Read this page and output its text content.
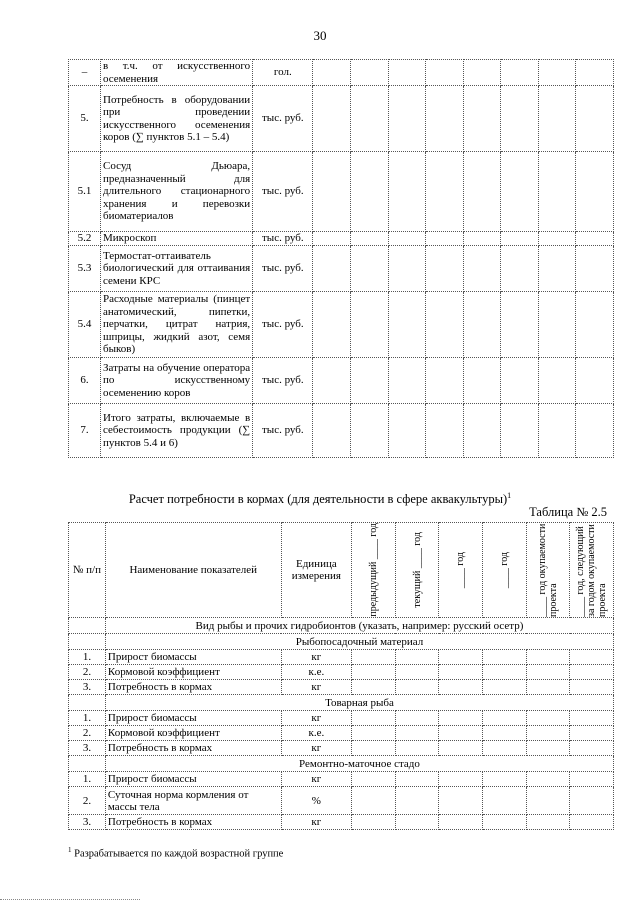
30
–	в т.ч. от искусственного осеменения	гол.								
5.	Потребность в оборудовании при проведении искусственного осеменения коров (∑ пунктов 5.1 – 5.4)	тыс. руб.								
5.1	Сосуд Дьюара, предназначенный для длительного стационарного хранения и перевозки биоматериалов	тыс. руб.								
5.2	Микроскоп	тыс. руб.								
5.3	Термостат-оттаиватель биологический для оттаивания семени КРС	тыс. руб.								
5.4	Расходные материалы (пинцет анатомический, пипетки, перчатки, цитрат натрия, шприцы, жидкий азот, семя быков)	тыс. руб.								
6.	Затраты на обучение оператора по искусственному осеменению коров	тыс. руб.								
7.	Итого затраты, включаемые в себестоимость продукции (∑ пунктов 5.4 и 6)	тыс. руб.								
Расчет потребности в кормах (для деятельности в сфере аквакультуры)$^1$
Таблица № 2.5
№ п/п	Наименование показателей	Единица измерения	предыдущий ____ год	текущий ____ год	____ год	____ год	____ год окупаемости проекта	____ год, следующий за годом окупаемости проекта

	Вид рыбы и прочих гидробионтов (указать, например: русский осетр)							
	Рыбопосадочный материал							
1.	Прирост биомассы	кг						
2.	Кормовой коэффициент	к.е.						
3.	Потребность в кормах	кг						
	Товарная рыба							
1.	Прирост биомассы	кг						
2.	Кормовой коэффициент	к.е.						
3.	Потребность в кормах	кг						
	Ремонтно-маточное стадо							
1.	Прирост биомассы	кг						
2.	Суточная норма кормления от массы тела	%						
3.	Потребность в кормах	кг						
$^1$ Разрабатывается по каждой возрастной группе
